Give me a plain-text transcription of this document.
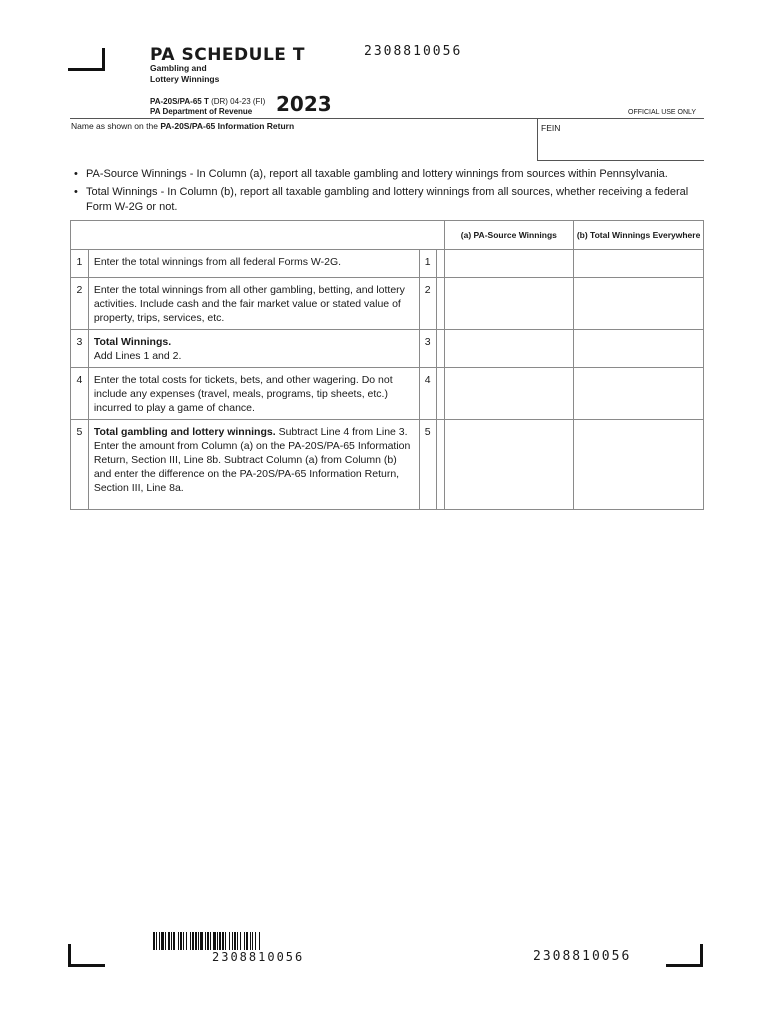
2308810056
PA SCHEDULE T
Gambling and
Lottery Winnings
PA-20S/PA-65 T (DR) 04-23 (FI)
PA Department of Revenue	2023	OFFICIAL USE ONLY
Name as shown on the PA-20S/PA-65 Information Return	FEIN
• PA-Source Winnings - In Column (a), report all taxable gambling and lottery winnings from sources within Pennsylvania.
• Total Winnings - In Column (b), report all taxable gambling and lottery winnings from all sources, whether receiving a federal Form W-2G or not.
				(a) PA-Source Winnings	(b) Total Winnings Everywhere
1	Enter the total winnings from all federal Forms W-2G.	1			
2	Enter the total winnings from all other gambling, betting, and lottery activities. Include cash and the fair market value or stated value of property, trips, services, etc.	2			
3	Total Winnings.
Add Lines 1 and 2.	3			
4	Enter the total costs for tickets, bets, and other wagering. Do not include any expenses (travel, meals, programs, tip sheets, etc.) incurred to play a game of chance.	4			
5	Total gambling and lottery winnings. Subtract Line 4 from Line 3. Enter the amount from Column (a) on the PA-20S/PA-65 Information Return, Section III, Line 8b. Subtract Column (a) from Column (b) and enter the difference on the PA-20S/PA-65 Information Return, Section III, Line 8a.	5			
2308810056	2308810056
